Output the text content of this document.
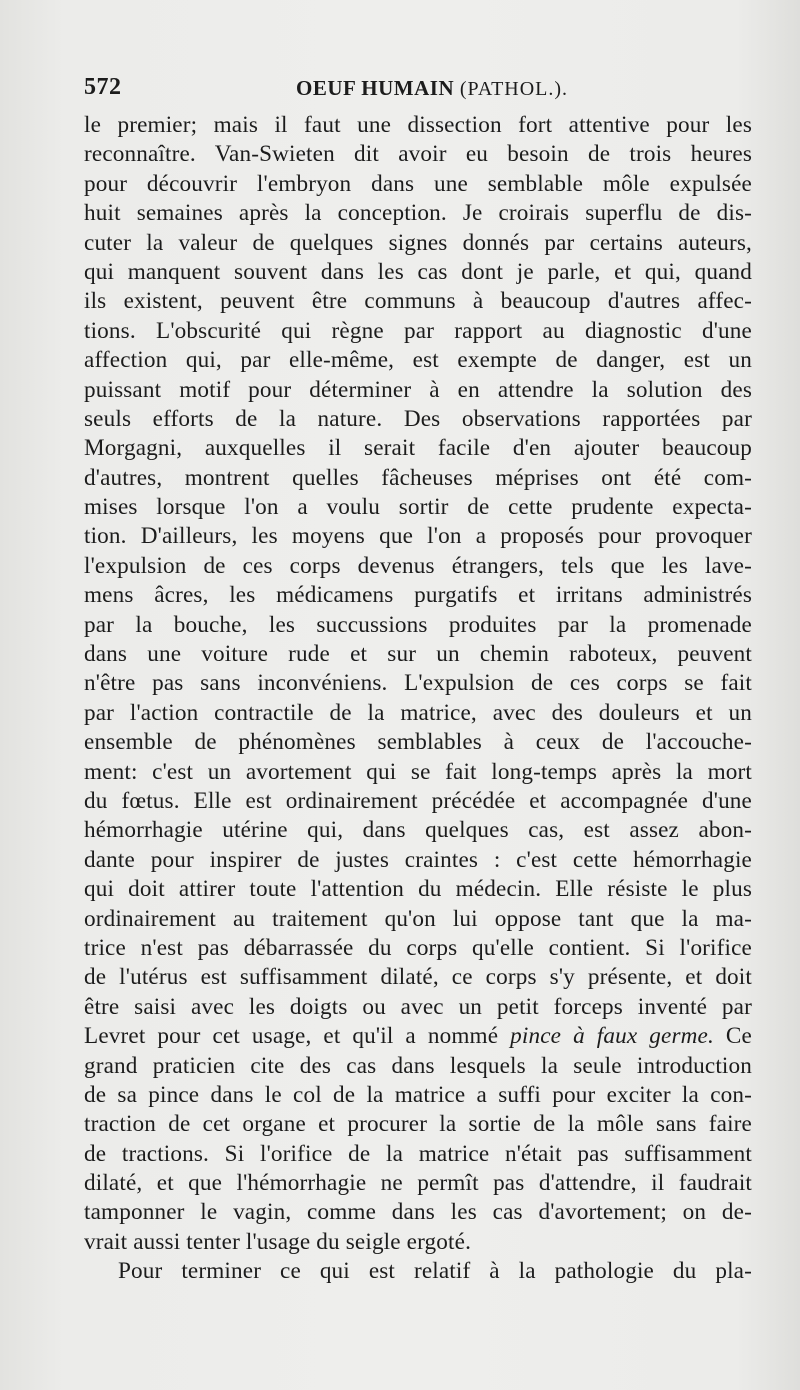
572	OEUF HUMAIN (PATHOL.).
le premier; mais il faut une dissection fort attentive pour les
reconnaître. Van-Swieten dit avoir eu besoin de trois heures
pour découvrir l'embryon dans une semblable môle expulsée
huit semaines après la conception. Je croirais superflu de dis-
cuter la valeur de quelques signes donnés par certains auteurs,
qui manquent souvent dans les cas dont je parle, et qui, quand
ils existent, peuvent être communs à beaucoup d'autres affec-
tions. L'obscurité qui règne par rapport au diagnostic d'une
affection qui, par elle-même, est exempte de danger, est un
puissant motif pour déterminer à en attendre la solution des
seuls efforts de la nature. Des observations rapportées par
Morgagni, auxquelles il serait facile d'en ajouter beaucoup
d'autres, montrent quelles fâcheuses méprises ont été com-
mises lorsque l'on a voulu sortir de cette prudente expecta-
tion. D'ailleurs, les moyens que l'on a proposés pour provoquer
l'expulsion de ces corps devenus étrangers, tels que les lave-
mens âcres, les médicamens purgatifs et irritans administrés
par la bouche, les succussions produites par la promenade
dans une voiture rude et sur un chemin raboteux, peuvent
n'être pas sans inconvéniens. L'expulsion de ces corps se fait
par l'action contractile de la matrice, avec des douleurs et un
ensemble de phénomènes semblables à ceux de l'accouche-
ment: c'est un avortement qui se fait long-temps après la mort
du fœtus. Elle est ordinairement précédée et accompagnée d'une
hémorrhagie utérine qui, dans quelques cas, est assez abon-
dante pour inspirer de justes craintes : c'est cette hémorrhagie
qui doit attirer toute l'attention du médecin. Elle résiste le plus
ordinairement au traitement qu'on lui oppose tant que la ma-
trice n'est pas débarrassée du corps qu'elle contient. Si l'orifice
de l'utérus est suffisamment dilaté, ce corps s'y présente, et doit
être saisi avec les doigts ou avec un petit forceps inventé par
Levret pour cet usage, et qu'il a nommé pince à faux germe. Ce
grand praticien cite des cas dans lesquels la seule introduction
de sa pince dans le col de la matrice a suffi pour exciter la con-
traction de cet organe et procurer la sortie de la môle sans faire
de tractions. Si l'orifice de la matrice n'était pas suffisamment
dilaté, et que l'hémorrhagie ne permît pas d'attendre, il faudrait
tamponner le vagin, comme dans les cas d'avortement; on de-
vrait aussi tenter l'usage du seigle ergoté.
Pour terminer ce qui est relatif à la pathologie du pla-
